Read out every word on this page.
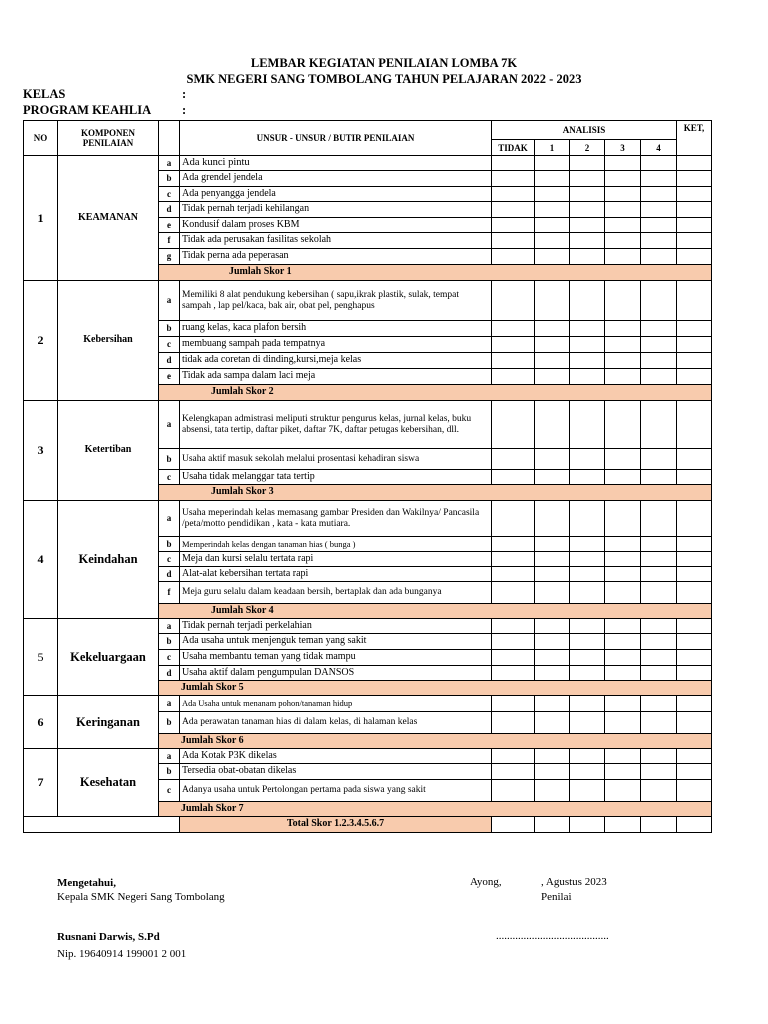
LEMBAR KEGIATAN PENILAIAN LOMBA 7K
SMK NEGERI SANG TOMBOLANG TAHUN PELAJARAN 2022 - 2023
KELAS	:
PROGRAM KEAHLIA :
NO	KOMPONEN PENILAIAN		UNSUR - UNSUR / BUTIR PENILAIAN	ANALISIS					KET,
				TIDAK	1	2	3	4	
1	KEAMANAN	a	Ada kunci pintu						
		b	Ada grendel jendela						
		c	Ada penyangga jendela						
		d	Tidak pernah terjadi kehilangan						
		e	Kondusif dalam proses KBM						
		f	Tidak ada perusakan fasilitas sekolah						
		g	Tidak perna ada peperasan						
		Jumlah Skor 1							
2	Kebersihan	a	Memiliki 8 alat pendukung kebersihan ( sapu,ikrak plastik, sulak, tempat sampah , lap pel/kaca, bak air, obat pel, penghapus						
		b	ruang kelas, kaca plafon bersih						
		c	membuang sampah pada tempatnya						
		d	tidak ada coretan di dinding,kursi,meja kelas						
		e	Tidak ada sampa dalam laci meja						
		Jumlah Skor 2							
3	Ketertiban	a	Kelengkapan admistrasi meliputi struktur pengurus kelas, jurnal kelas, buku absensi, tata tertip, daftar piket, daftar 7K, daftar petugas kebersihan, dll.						
		b	Usaha aktif masuk sekolah melalui prosentasi kehadiran siswa						
		c	Usaha tidak melanggar tata tertip						
		Jumlah Skor 3							
4	Keindahan	a	Usaha meperindah kelas memasang gambar Presiden dan Wakilnya/ Pancasila /peta/motto pendidikan , kata - kata mutiara.						
		b	Memperindah kelas dengan tanaman hias ( bunga )						
		c	Meja dan kursi selalu tertata rapi						
		d	Alat-alat kebersihan tertata rapi						
		f	Meja guru selalu dalam keadaan bersih, bertaplak dan ada bunganya						
		Jumlah Skor 4							
5	Kekeluargaan	a	Tidak pernah terjadi perkelahian						
		b	Ada usaha untuk menjenguk teman yang sakit						
		c	Usaha membantu teman yang tidak mampu						
		d	Usaha aktif dalam pengumpulan DANSOS						
		Jumlah Skor 5							
6	Keringanan	a	Ada Usaha untuk menanam pohon/tanaman hidup						
		b	Ada perawatan tanaman hias di dalam kelas, di halaman kelas						
		Jumlah Skor 6							
7	Kesehatan	a	Ada Kotak P3K dikelas						
		b	Tersedia obat-obatan dikelas						
		c	Adanya usaha untuk Pertolongan pertama pada siswa yang sakit						
		Jumlah Skor 7							
			Total Skor 1.2.3.4.5.6.7						
Mengetahui,
Kepala SMK Negeri Sang Tombolang
Ayong,	, Agustus 2023
Penilai
Rusnani Darwis, S.Pd	.........................................
Nip. 19640914 199001 2 001
